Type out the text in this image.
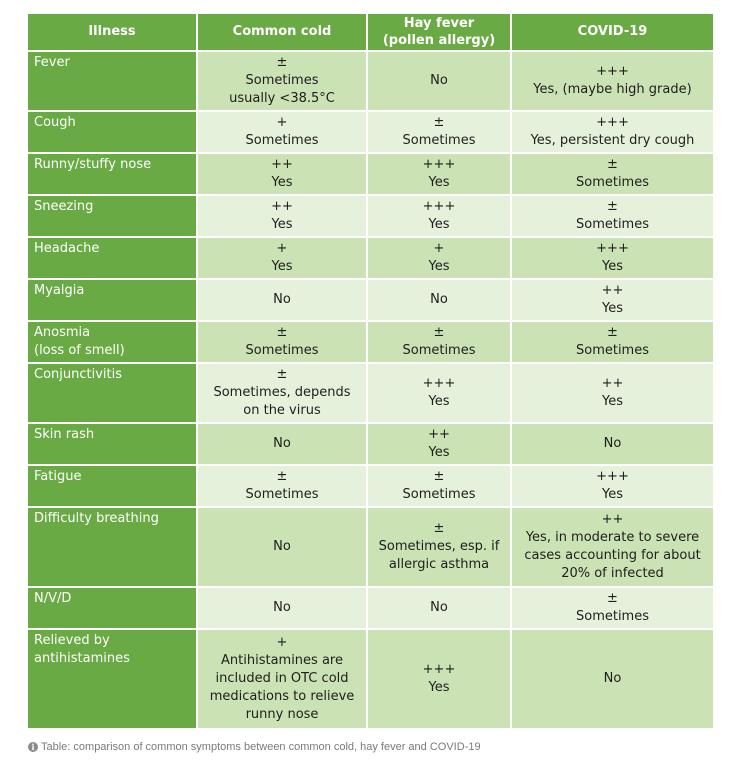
Illness	Common cold	Hay fever
(pollen allergy)	COVID-19
Fever	±
Sometimes
usually <38.5°C	No	+++
Yes, (maybe high grade)

Cough	+
Sometimes	±
Sometimes	+++
Yes, persistent dry cough

Runny/stuffy nose	++
Yes	+++
Yes	±
Sometimes

Sneezing	++
Yes	+++
Yes	±
Sometimes

Headache	+
Yes	+
Yes	+++
Yes

Myalgia	No	No	++
Yes

Anosmia
(loss of smell)	±
Sometimes	±
Sometimes	±
Sometimes

Conjunctivitis	±
Sometimes, depends
on the virus	+++
Yes	++
Yes

Skin rash	No	++
Yes	No

Fatigue	±
Sometimes	±
Sometimes	+++
Yes

Difficulty breathing	No	±
Sometimes, esp. if
allergic asthma	++
Yes, in moderate to severe
cases accounting for about
20% of infected

N/V/D	No	No	±
Sometimes

Relieved by
antihistamines	+
Antihistamines are
included in OTC cold
medications to relieve
runny nose	+++
Yes	No
i Table: comparison of common symptoms between common cold, hay fever and COVID-19
